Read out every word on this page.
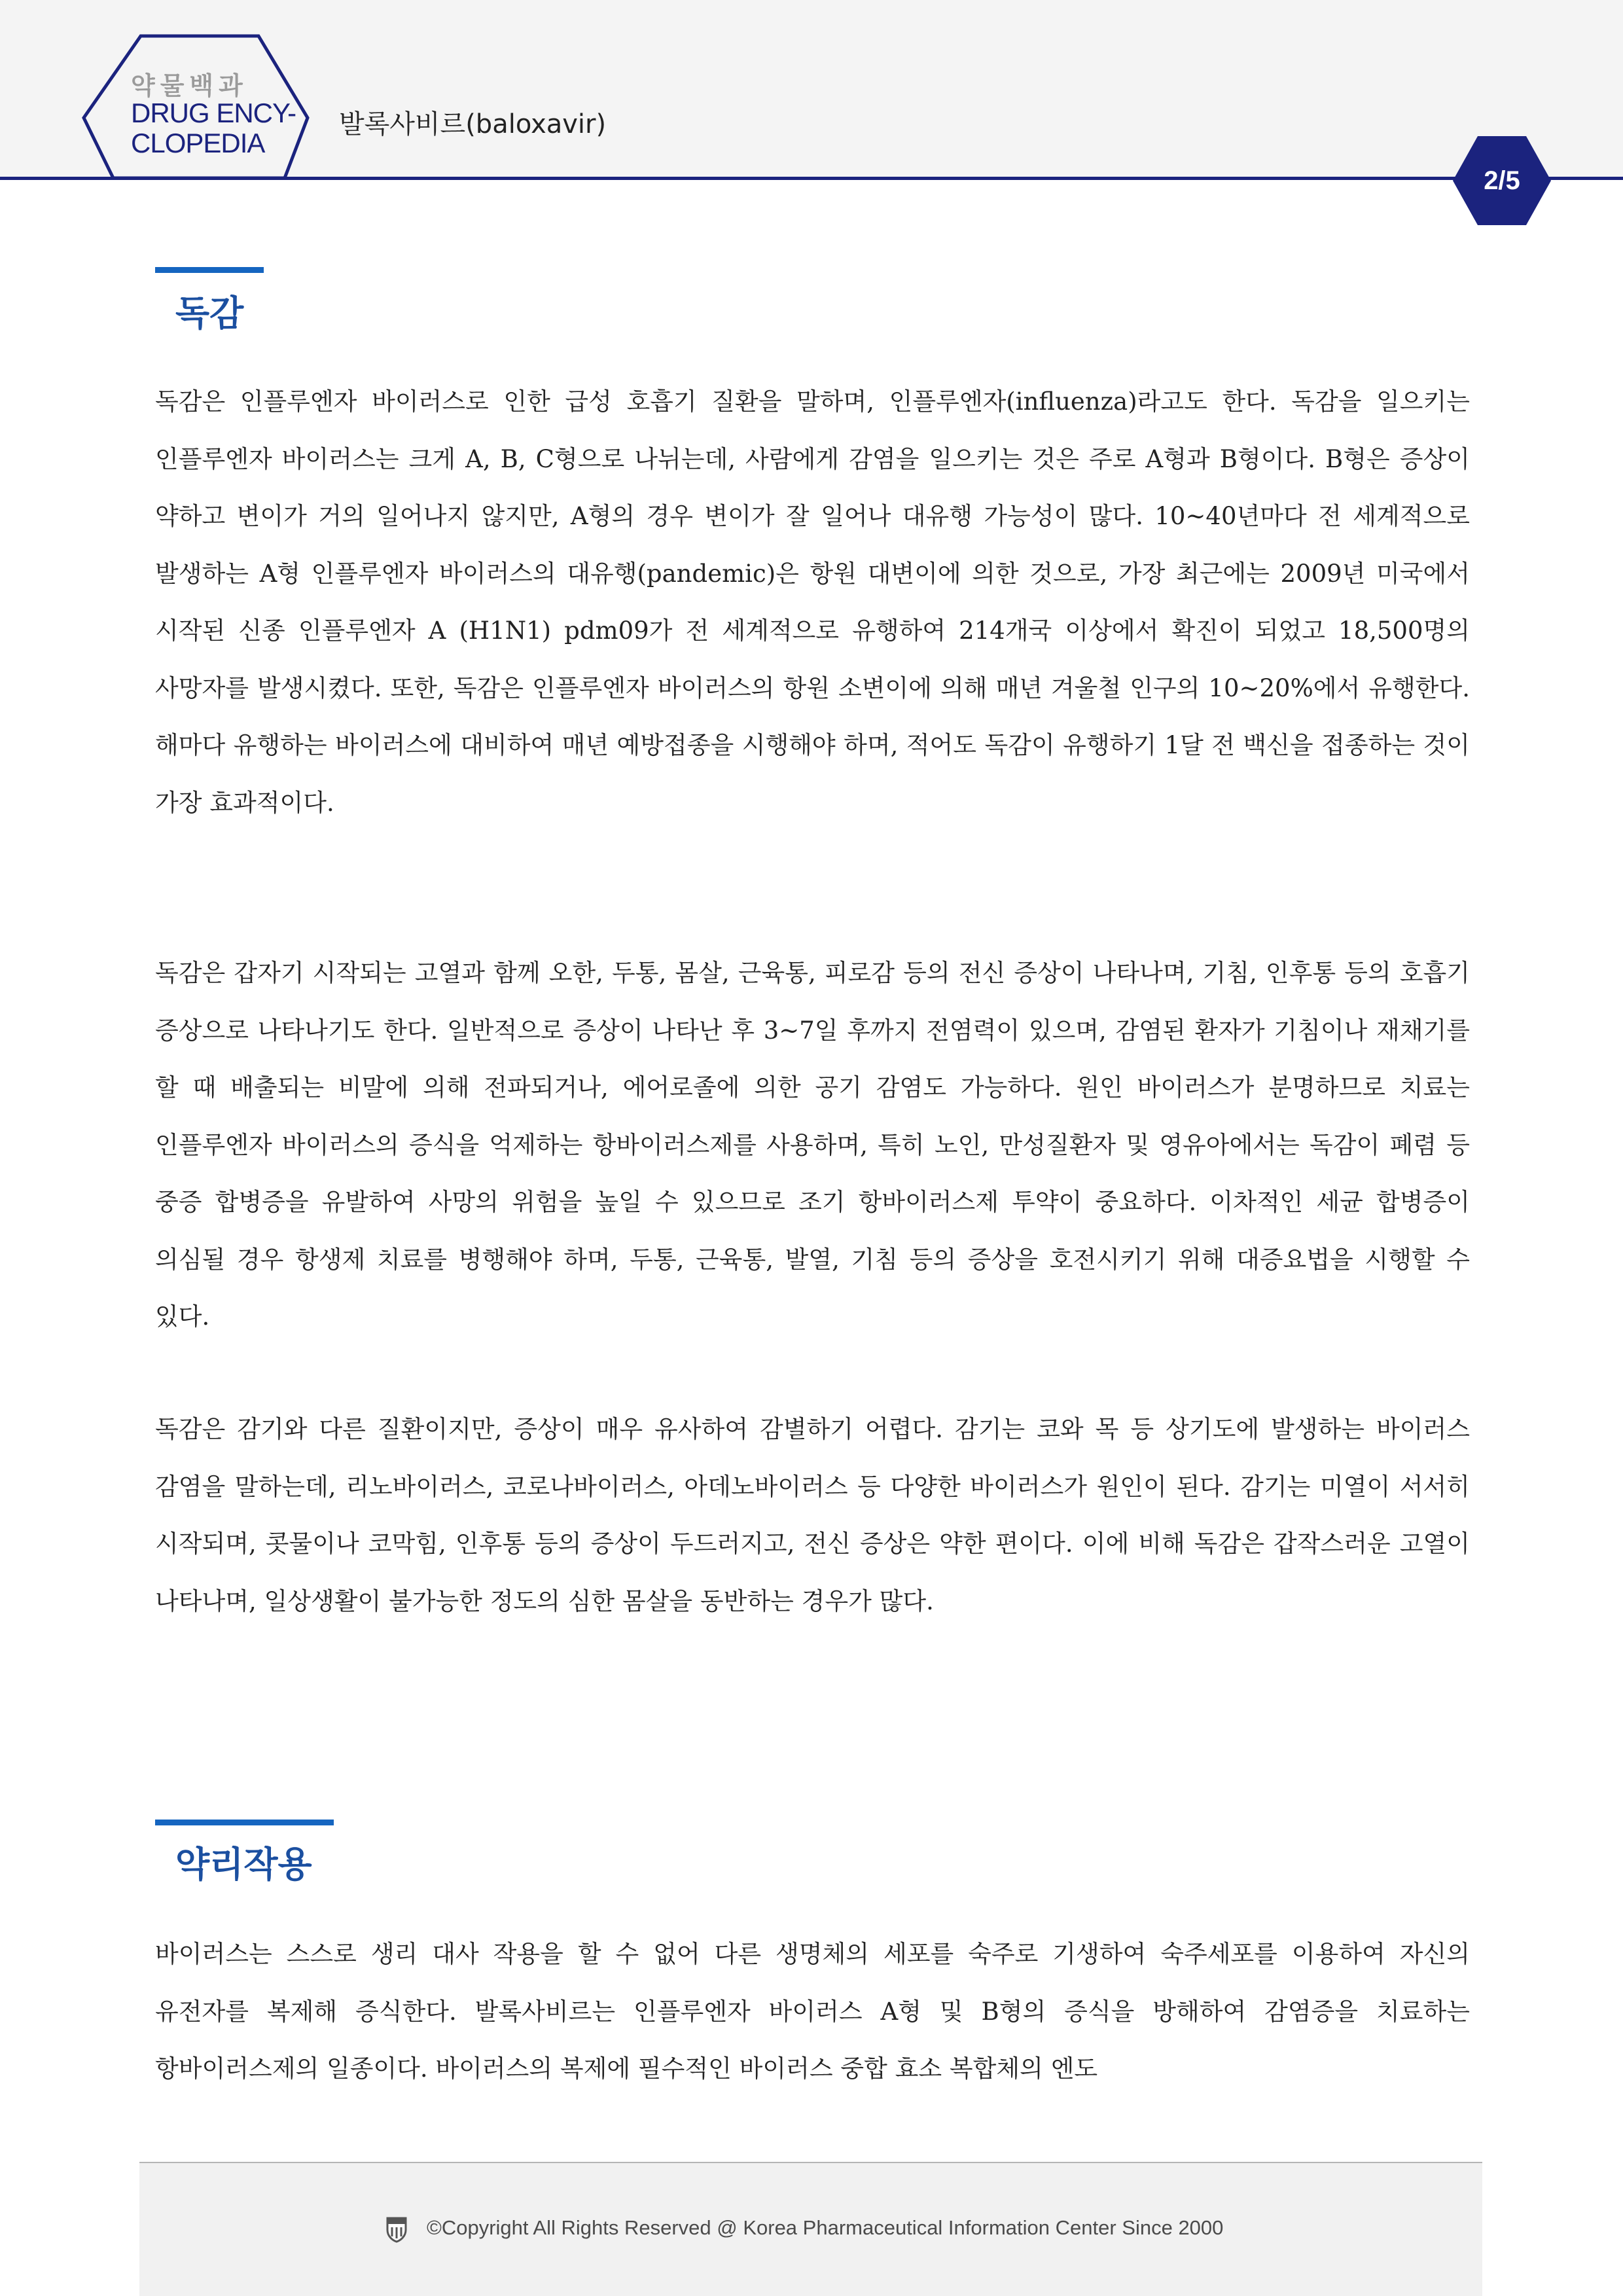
약물백과
DRUG ENCY-
CLOPEDIA
발록사비르(baloxavir)
2/5
독감

독감은 인플루엔자 바이러스로 인한 급성 호흡기 질환을 말하며, 인플루엔자(influenza)라고도 한다. 독감을 일으키는 인플루엔자 바이러스는 크게 A, B, C형으로 나뉘는데, 사람에게 감염을 일으키는 것은 주로 A형과 B형이다. B형은 증상이 약하고 변이가 거의 일어나지 않지만, A형의 경우 변이가 잘 일어나 대유행 가능성이 많다. 10~40년마다 전 세계적으로 발생하는 A형 인플루엔자 바이러스의 대유행(pandemic)은 항원 대변이에 의한 것으로, 가장 최근에는 2009년 미국에서 시작된 신종 인플루엔자 A (H1N1) pdm09가 전 세계적으로 유행하여 214개국 이상에서 확진이 되었고 18,500명의 사망자를 발생시켰다. 또한, 독감은 인플루엔자 바이러스의 항원 소변이에 의해 매년 겨울철 인구의 10~20%에서 유행한다. 해마다 유행하는 바이러스에 대비하여 매년 예방접종을 시행해야 하며, 적어도 독감이 유행하기 1달 전 백신을 접종하는 것이 가장 효과적이다.

독감은 갑자기 시작되는 고열과 함께 오한, 두통, 몸살, 근육통, 피로감 등의 전신 증상이 나타나며, 기침, 인후통 등의 호흡기 증상으로 나타나기도 한다. 일반적으로 증상이 나타난 후 3~7일 후까지 전염력이 있으며, 감염된 환자가 기침이나 재채기를 할 때 배출되는 비말에 의해 전파되거나, 에어로졸에 의한 공기 감염도 가능하다. 원인 바이러스가 분명하므로 치료는 인플루엔자 바이러스의 증식을 억제하는 항바이러스제를 사용하며, 특히 노인, 만성질환자 및 영유아에서는 독감이 폐렴 등 중증 합병증을 유발하여 사망의 위험을 높일 수 있으므로 조기 항바이러스제 투약이 중요하다. 이차적인 세균 합병증이 의심될 경우 항생제 치료를 병행해야 하며, 두통, 근육통, 발열, 기침 등의 증상을 호전시키기 위해 대증요법을 시행할 수 있다.

독감은 감기와 다른 질환이지만, 증상이 매우 유사하여 감별하기 어렵다. 감기는 코와 목 등 상기도에 발생하는 바이러스 감염을 말하는데, 리노바이러스, 코로나바이러스, 아데노바이러스 등 다양한 바이러스가 원인이 된다. 감기는 미열이 서서히 시작되며, 콧물이나 코막힘, 인후통 등의 증상이 두드러지고, 전신 증상은 약한 편이다. 이에 비해 독감은 갑작스러운 고열이 나타나며, 일상생활이 불가능한 정도의 심한 몸살을 동반하는 경우가 많다.

약리작용

바이러스는 스스로 생리 대사 작용을 할 수 없어 다른 생명체의 세포를 숙주로 기생하여 숙주세포를 이용하여 자신의 유전자를 복제해 증식한다. 발록사비르는 인플루엔자 바이러스 A형 및 B형의 증식을 방해하여 감염증을 치료하는 항바이러스제의 일종이다. 바이러스의 복제에 필수적인 바이러스 중합 효소 복합체의 엔도

©Copyright All Rights Reserved @ Korea Pharmaceutical Information Center Since 2000
